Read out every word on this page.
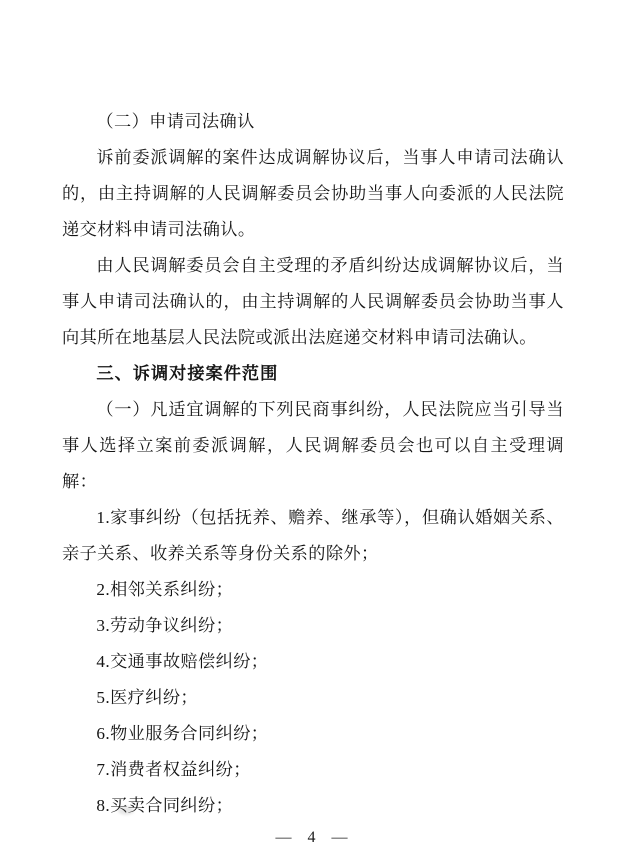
（二）申请司法确认

诉前委派调解的案件达成调解协议后，当事人申请司法确认的，由主持调解的人民调解委员会协助当事人向委派的人民法院递交材料申请司法确认。

由人民调解委员会自主受理的矛盾纠纷达成调解协议后，当事人申请司法确认的，由主持调解的人民调解委员会协助当事人向其所在地基层人民法院或派出法庭递交材料申请司法确认。

三、诉调对接案件范围

（一）凡适宜调解的下列民商事纠纷，人民法院应当引导当事人选择立案前委派调解，人民调解委员会也可以自主受理调解：

1.家事纠纷（包括抚养、赡养、继承等），但确认婚姻关系、亲子关系、收养关系等身份关系的除外；

2.相邻关系纠纷；

3.劳动争议纠纷；

4.交通事故赔偿纠纷；

5.医疗纠纷；

6.物业服务合同纠纷；

7.消费者权益纠纷；

8.买卖合同纠纷；

— 4 —
